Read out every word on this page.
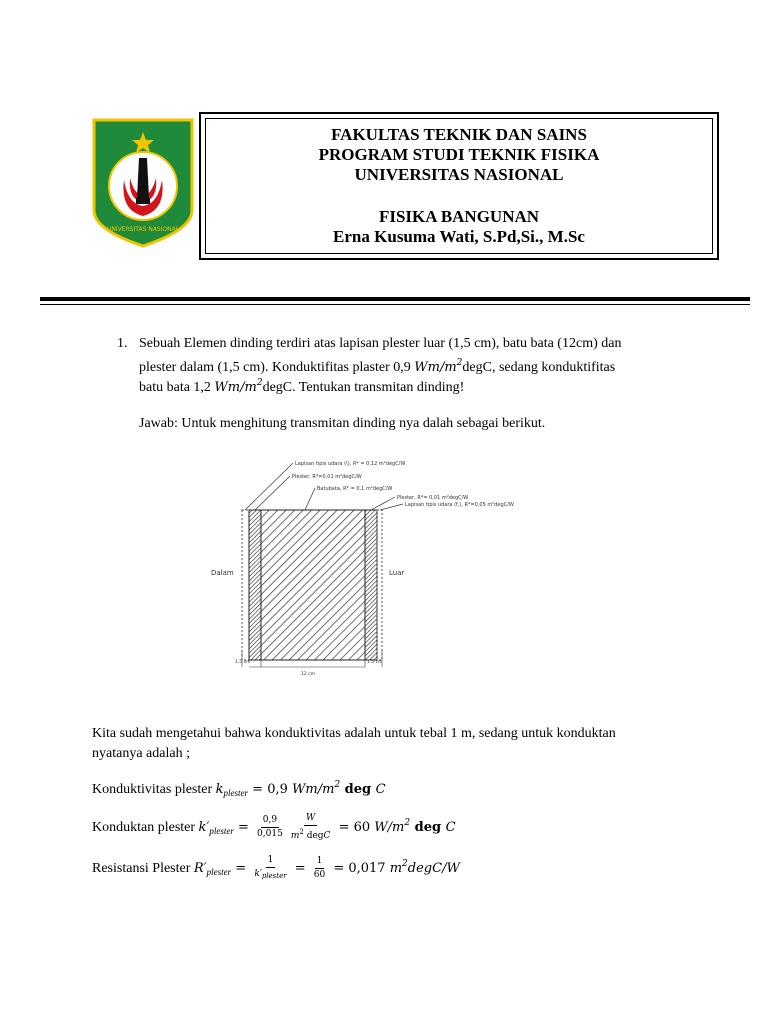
UNIVERSITAS NASIONAL
FAKULTAS TEKNIK DAN SAINS
PROGRAM STUDI TEKNIK FISIKA
UNIVERSITAS NASIONAL
FISIKA BANGUNAN
Erna Kusuma Wati, S.Pd,Si., M.Sc
1. Sebuah Elemen dinding terdiri atas lapisan plester luar (1,5 cm), batu bata (12cm) dan
plester dalam (1,5 cm). Konduktifitas plaster 0,9 $Wm/m^2degC$, sedang konduktifitas
batu bata 1,2 $Wm/m^2degC$. Tentukan transmitan dinding!
Jawab: Untuk menghitung transmitan dinding nya dalah sebagai berikut.
Lapisan tipis udara (\), R* = 0,12 m²degC/W
Plester, R*=0,01 m²degC/W
Batubata, R* = 0,1 m²degC/W
Plester, R*= 0,01 m²degC/W
Lapisan tipis udara (f,), R*=0,05 m²degC/W
Dalam	Luar
1.5 cm	1.5 cm
12 cm
Kita sudah mengetahui bahwa konduktivitas adalah untuk tebal 1 m, sedang untuk konduktan
nyatanya adalah ;
Konduktivitas plester $k_{plester} = 0,9$ $Wm/m^2$ deg C
Konduktan plester $k'_{plester} = \frac{0,9}{0,015} \frac{W}{m^2 degC} = 60$ $W/m^2$ deg C
Resistansi Plester $R'_{plester} = \frac{1}{k'_{plester}} = \frac{1}{60} = 0,017$ $m^2degC/W$
